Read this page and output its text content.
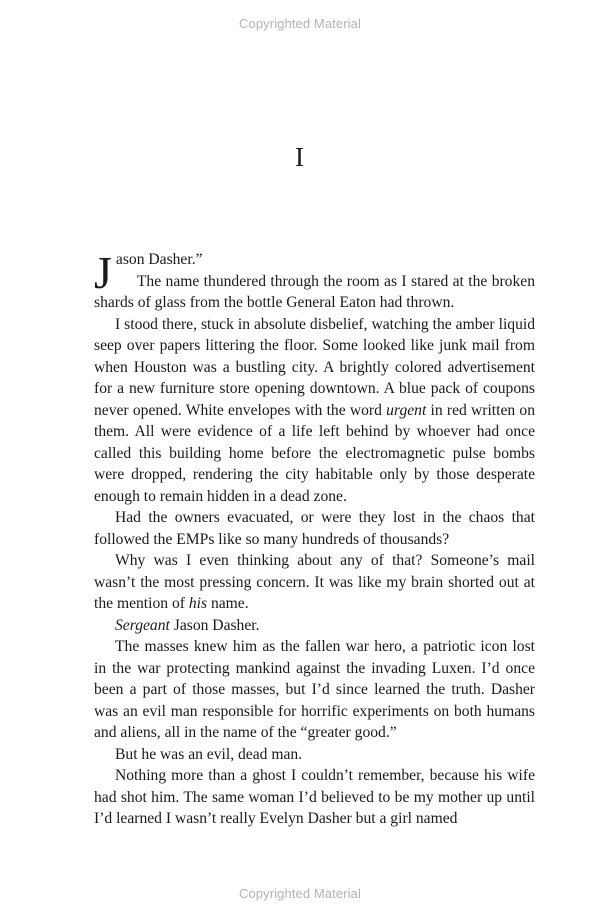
Copyrighted Material
I

Jason Dasher.”

The name thundered through the room as I stared at the broken shards of glass from the bottle General Eaton had thrown.

I stood there, stuck in absolute disbelief, watching the amber liquid seep over papers littering the floor. Some looked like junk mail from when Houston was a bustling city. A brightly colored advertisement for a new furniture store opening downtown. A blue pack of coupons never opened. White envelopes with the word urgent in red written on them. All were evidence of a life left behind by whoever had once called this building home before the electromagnetic pulse bombs were dropped, rendering the city habitable only by those desperate enough to remain hidden in a dead zone.

Had the owners evacuated, or were they lost in the chaos that followed the EMPs like so many hundreds of thousands?

Why was I even thinking about any of that? Someone’s mail wasn’t the most pressing concern. It was like my brain shorted out at the mention of his name.

Sergeant Jason Dasher.

The masses knew him as the fallen war hero, a patriotic icon lost in the war protecting mankind against the invading Luxen. I’d once been a part of those masses, but I’d since learned the truth. Dasher was an evil man responsible for horrific experiments on both humans and aliens, all in the name of the “greater good.”

But he was an evil, dead man.

Nothing more than a ghost I couldn’t remember, because his wife had shot him. The same woman I’d believed to be my mother up until I’d learned I wasn’t really Evelyn Dasher but a girl named

Copyrighted Material
